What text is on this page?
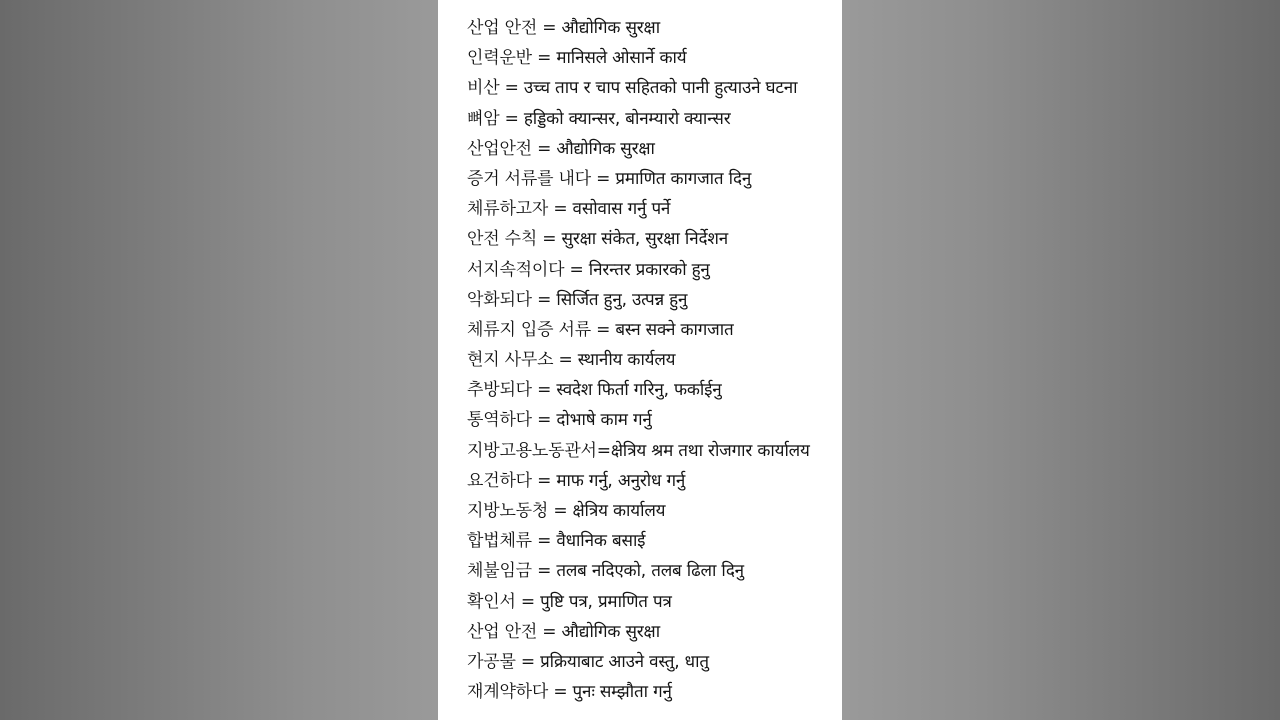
산업 안전 = औद्योगिक सुरक्षा
인력운반 = मानिसले ओसार्ने कार्य
비산 = उच्च ताप र चाप सहितको पानी हुत्याउने घटना
뼈암 = हड्डिको क्यान्सर, बोनम्यारो क्यान्सर
산업안전 = औद्योगिक सुरक्षा
증거 서류를 내다 = प्रमाणित कागजात दिनु
체류하고자 = वसोवास गर्नु पर्ने
안전 수칙 = सुरक्षा संकेत, सुरक्षा निर्देशन
서지속적이다 = निरन्तर प्रकारको हुनु
악화되다 = सिर्जित हुनु, उत्पन्न हुनु
체류지 입증 서류 = बस्न सक्ने कागजात
현지 사무소 = स्थानीय कार्यलय
추방되다 = स्वदेश फिर्ता गरिनु, फर्काईनु
통역하다 = दोभाषे काम गर्नु
지방고용노동관서=क्षेत्रिय श्रम तथा रोजगार कार्यालय
요건하다 = माफ गर्नु, अनुरोध गर्नु
지방노동청 = क्षेत्रिय कार्यालय
합법체류 = वैधानिक बसाई
체불임금 = तलब नदिएको, तलब ढिला दिनु
확인서 = पुष्टि पत्र, प्रमाणित पत्र
산업 안전 = औद्योगिक सुरक्षा
가공물 = प्रक्रियाबाट आउने वस्तु, धातु
재계약하다 = पुनः सम्झौता गर्नु
